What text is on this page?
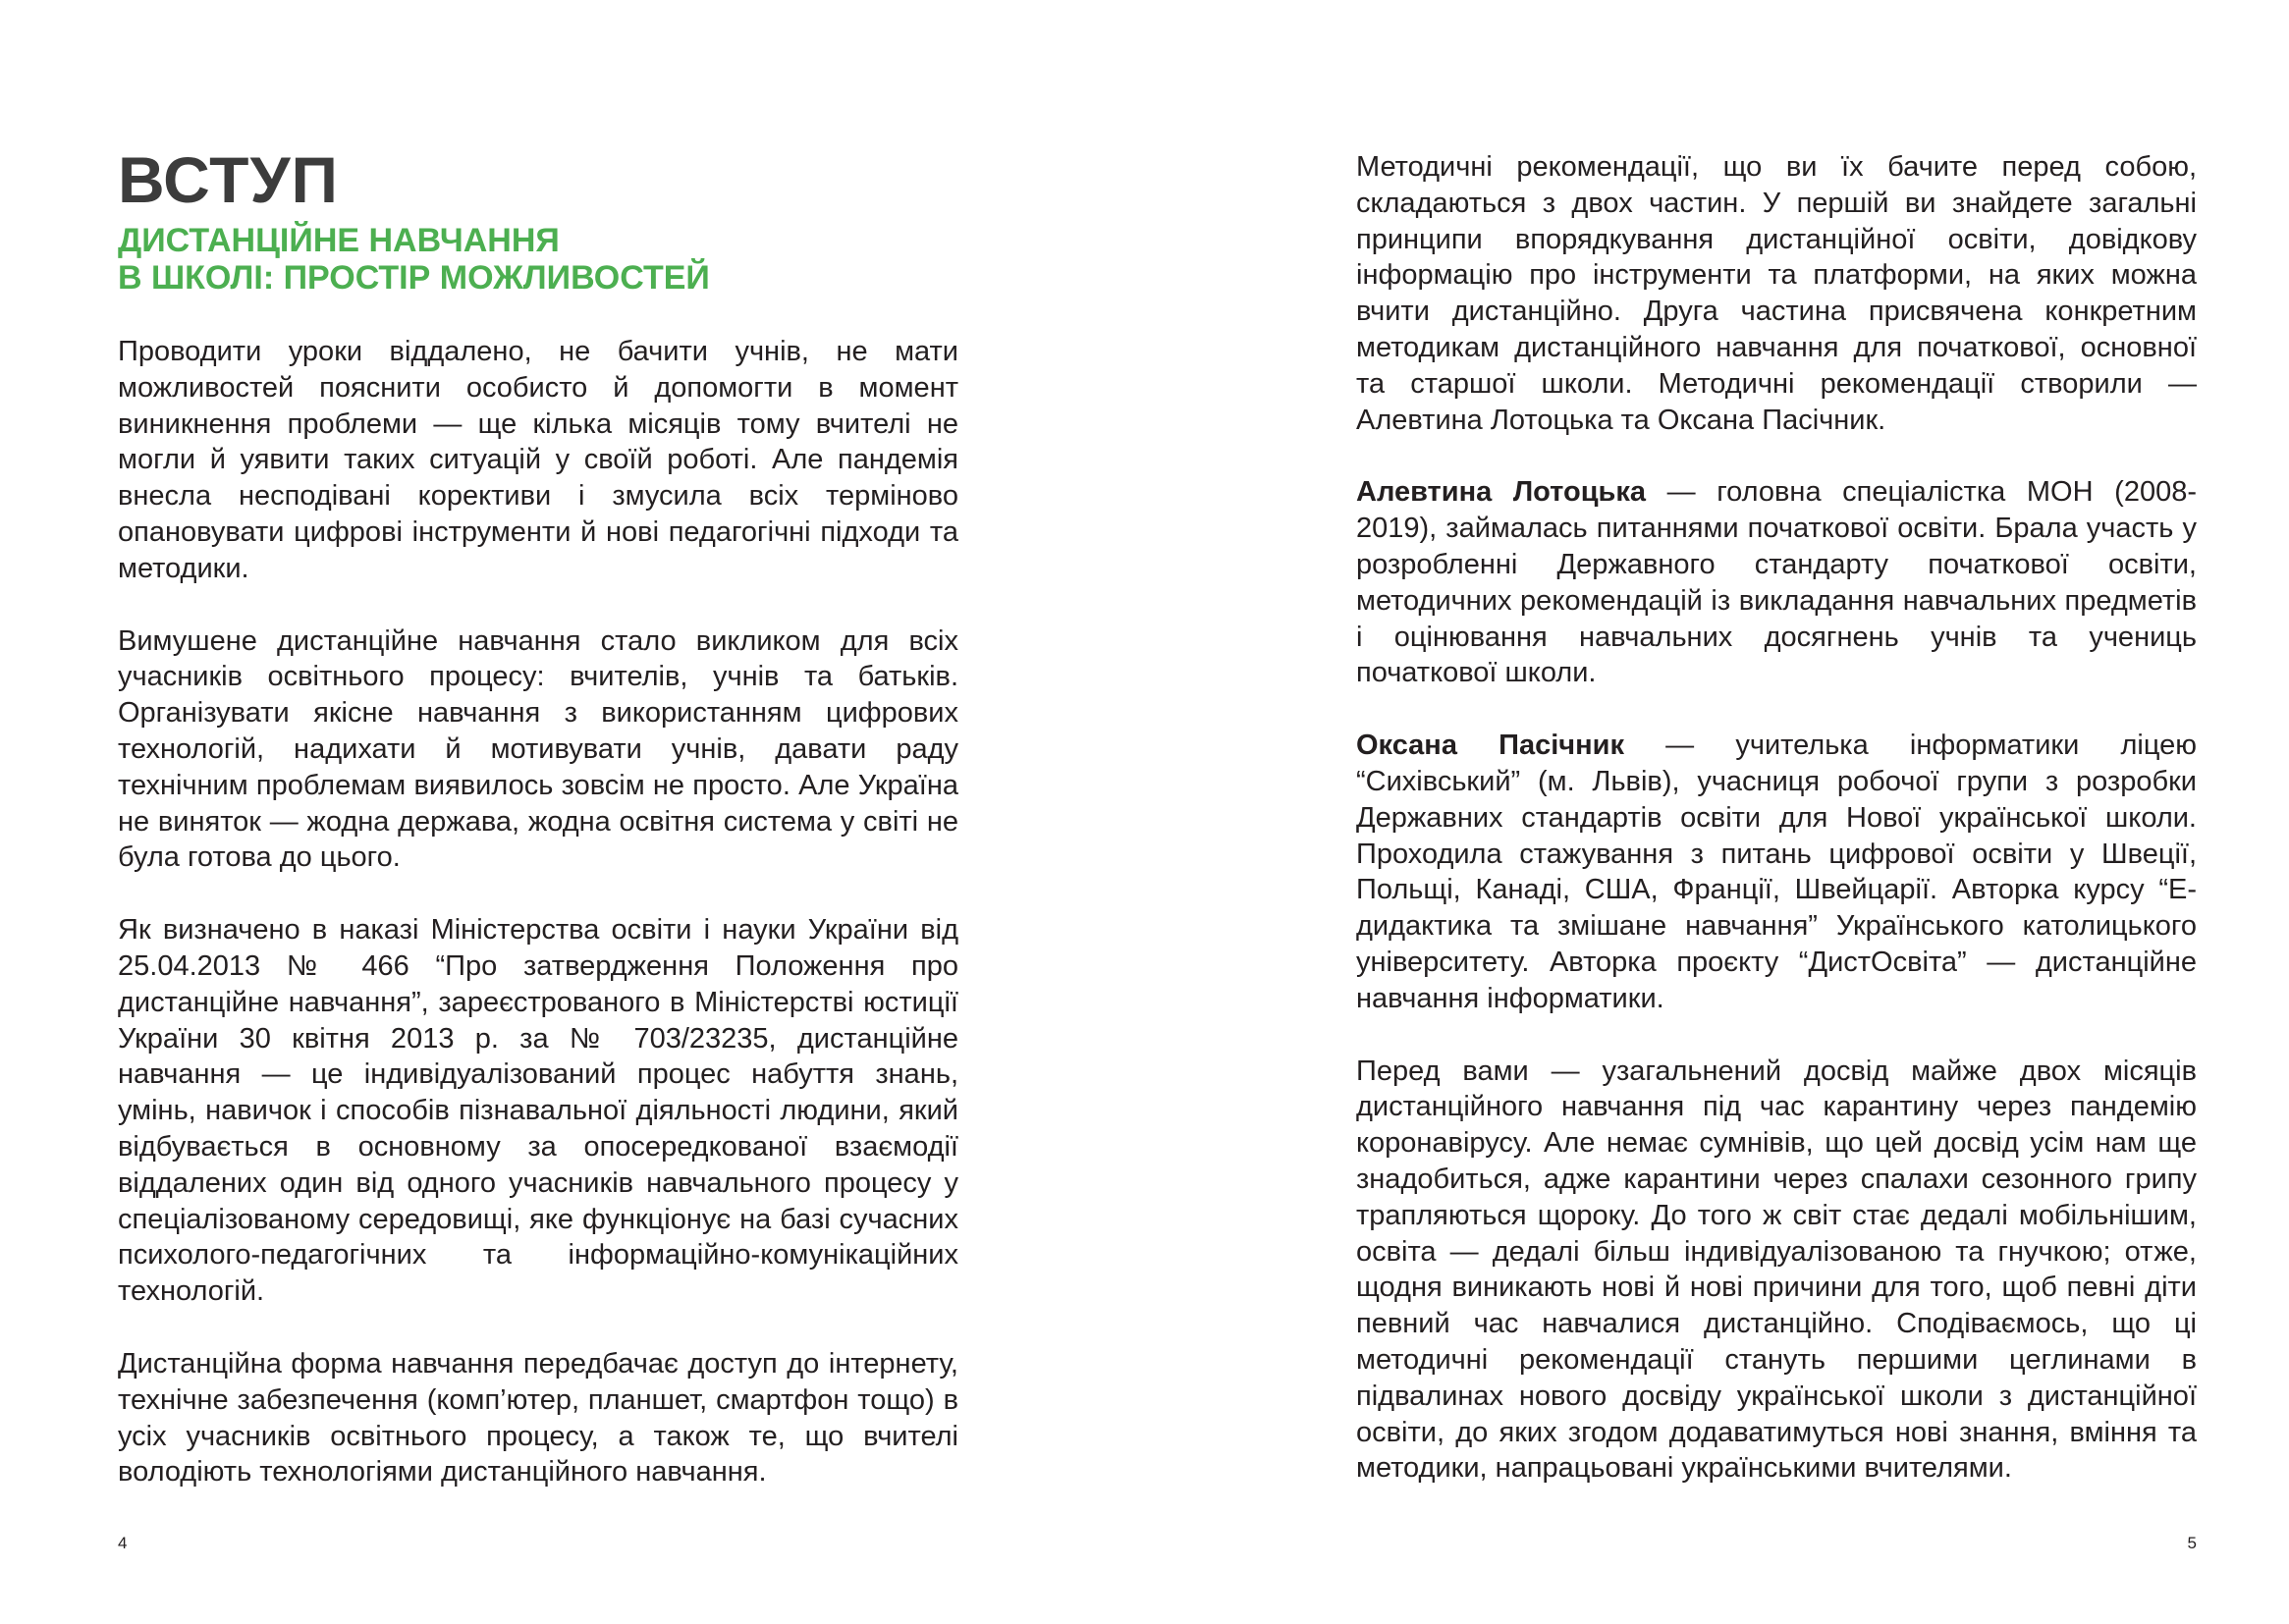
ВСТУП
ДИСТАНЦІЙНЕ НАВЧАННЯ
В ШКОЛІ: ПРОСТІР МОЖЛИВОСТЕЙ

Проводити уроки віддалено, не бачити учнів, не мати можливостей пояснити особисто й допомогти в момент виникнення проблеми — ще кілька місяців тому вчителі не могли й уявити таких ситуацій у своїй роботі. Але пандемія внесла несподівані корективи і змусила всіх терміново опановувати цифрові інструменти й нові педагогічні підходи та методики.

Вимушене дистанційне навчання стало викликом для всіх учасників освітнього процесу: вчителів, учнів та батьків. Організувати якісне навчання з використанням цифрових технологій, надихати й мотивувати учнів, давати раду технічним проблемам виявилось зовсім не просто. Але Україна не виняток — жодна держава, жодна освітня система у світі не була готова до цього.

Як визначено в наказі Міністерства освіти і науки України від 25.04.2013 № 466 “Про затвердження Положення про дистанційне навчання”, зареєстрованого в Міністерстві юстиції України 30 квітня 2013 р. за № 703/23235, дистанційне навчання — це індивідуалізований процес набуття знань, умінь, навичок і способів пізнавальної діяльності людини, який відбувається в основному за опосередкованої взаємодії віддалених один від одного учасників навчального процесу у спеціалізованому середовищі, яке функціонує на базі сучасних психолого-педагогічних та інформаційно-комунікаційних технологій.

Дистанційна форма навчання передбачає доступ до інтернету, технічне забезпечення (комп’ютер, планшет, смартфон тощо) в усіх учасників освітнього процесу, а також те, що вчителі володіють технологіями дистанційного навчання.

4

Методичні рекомендації, що ви їх бачите перед собою, складаються з двох частин. У першій ви знайдете загальні принципи впорядкування дистанційної освіти, довідкову інформацію про інструменти та платформи, на яких можна вчити дистанційно. Друга частина присвячена конкретним методикам дистанційного навчання для початкової, основної та старшої школи. Методичні рекомендації створили — Алевтина Лотоцька та Оксана Пасічник.

Алевтина Лотоцька — головна спеціалістка МОН (2008-2019), займалась питаннями початкової освіти. Брала участь у розробленні Державного стандарту початкової освіти, методичних рекомендацій із викладання навчальних предметів і оцінювання навчальних досягнень учнів та учениць початкової школи.

Оксана Пасічник — учителька інформатики ліцею “Сихівський” (м. Львів), учасниця робочої групи з розробки Державних стандартів освіти для Нової української школи. Проходила стажування з питань цифрової освіти у Швеції, Польщі, Канаді, США, Франції, Швейцарії. Авторка курсу “Е-дидактика та змішане навчання” Українського католицького університету. Авторка проєкту “ДистОсвіта” — дистанційне навчання інформатики.

Перед вами — узагальнений досвід майже двох місяців дистанційного навчання під час карантину через пандемію коронавірусу. Але немає сумнівів, що цей досвід усім нам ще знадобиться, адже карантини через спалахи сезонного грипу трапляються щороку. До того ж світ стає дедалі мобільнішим, освіта — дедалі більш індивідуалізованою та гнучкою; отже, щодня виникають нові й нові причини для того, щоб певні діти певний час навчалися дистанційно. Сподіваємось, що ці методичні рекомендації стануть першими цеглинами в підвалинах нового досвіду української школи з дистанційної освіти, до яких згодом додаватимуться нові знання, вміння та методики, напрацьовані українськими вчителями.

5
